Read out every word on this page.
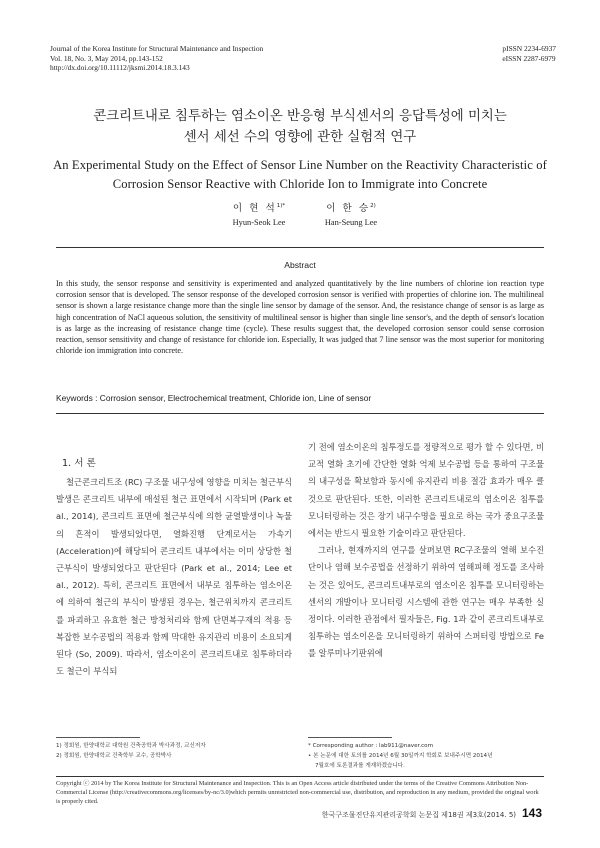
Journal of the Korea Institute for Structural Maintenance and Inspection
Vol. 18, No. 3, May 2014, pp.143-152
http://dx.doi.org/10.11112/jksmi.2014.18.3.143
pISSN 2234-6937
eISSN 2287-6979
콘크리트내로 침투하는 염소이온 반응형 부식센서의 응답특성에 미치는
센서 세선 수의 영향에 관한 실험적 연구
An Experimental Study on the Effect of Sensor Line Number on the Reactivity Characteristic of
Corrosion Sensor Reactive with Chloride Ion to Immigrate into Concrete
이 현 석$^{1)*}$
Hyun-Seok Lee
이 한 승$^{2)}$
Han-Seung Lee
Abstract
In this study, the sensor response and sensitivity is experimented and analyzed quantitatively by the line numbers of chlorine ion reaction type corrosion sensor that is developed. The sensor response of the developed corrosion sensor is verified with properties of chlorine ion. The multilineal sensor is shown a large resistance change more than the single line sensor by damage of the sensor. And, the resistance change of sensor is as large as high concentration of NaCl aqueous solution, the sensitivity of multilineal sensor is higher than single line sensor's, and the depth of sensor's location is as large as the increasing of resistance change time (cycle). These results suggest that, the developed corrosion sensor could sense corrosion reaction, sensor sensitivity and change of resistance for chloride ion. Especially, It was judged that 7 line sensor was the most superior for monitoring chloride ion immigration into concrete.
Keywords : Corrosion sensor, Electrochemical treatment, Chloride ion, Line of sensor
1. 서 론

철근콘크리트조 (RC) 구조물 내구성에 영향을 미치는 철근부식발생은 콘크리트 내부에 매설된 철근 표면에서 시작되며 (Park et al., 2014), 콘크리트 표면에 철근부식에 의한 균열발생이나 녹물의 흔적이 발생되었다면, 열화진행 단계로서는 가속기 (Acceleration)에 해당되어 콘크리트 내부에서는 이미 상당한 철근부식이 발생되었다고 판단된다 (Park et al., 2014; Lee et al., 2012). 특히, 콘크리트 표면에서 내부로 침투하는 염소이온에 의하여 철근의 부식이 발생된 경우는, 철근위치까지 콘크리트를 파괴하고 유효한 철근 방청처리와 함께 단면복구재의 적용 등 복잡한 보수공법의 적용과 함께 막대한 유지관리 비용이 소요되게 된다 (So, 2009). 따라서, 염소이온이 콘크리트내로 침투하더라도 철근이 부식되

기 전에 염소이온의 침투정도를 정량적으로 평가 할 수 있다면, 비교적 열화 초기에 간단한 열화 억제 보수공법 등을 통하여 구조물의 내구성을 확보함과 동시에 유지관리 비용 절감 효과가 매우 클 것으로 판단된다. 또한, 이러한 콘크리트내로의 염소이온 침투를 모니터링하는 것은 장기 내구수명을 필요로 하는 국가 중요구조물에서는 반드시 필요한 기술이라고 판단된다.

그러나, 현재까지의 연구를 살펴보면 RC구조물의 열해 보수진단이나 염해 보수공법을 선정하기 위하여 염해피해 정도를 조사하는 것은 있어도, 콘크리트내부로의 염소이온 침투를 모니터링하는 센서의 개발이나 모니터링 시스템에 관한 연구는 매우 부족한 실정이다. 이러한 관점에서 필자들은, Fig. 1과 같이 콘크리트내부로 침투하는 염소이온을 모니터링하기 위하여 스퍼터링 방법으로 Fe를 알루미나기판위에

1) 정회원, 한양대학교 대학원 건축공학과 박사과정, 교신저자
2) 정회원, 한양대학교 건축학부 교수, 공학박사
* Corresponding author : lab911@naver.com
• 본 논문에 대한 토의를 2014년 6월 30일까지 학회로 보내주시면 2014년
7월호에 토론결과를 게재하겠습니다.
Copyright ⓒ 2014 by The Korea Institute for Structural Maintenance and Inspection. This is an Open Access article distributed under the terms of the Creative Commons Attribution Non-Commercial License (http://creativecommons.org/licenses/by-nc/3.0)which permits unrestricted non-commercial use, distribution, and reproduction in any medium, provided the original work is properly cited.
한국구조물진단유지관리공학회 논문집 제18권 제3호(2014. 5) 143
